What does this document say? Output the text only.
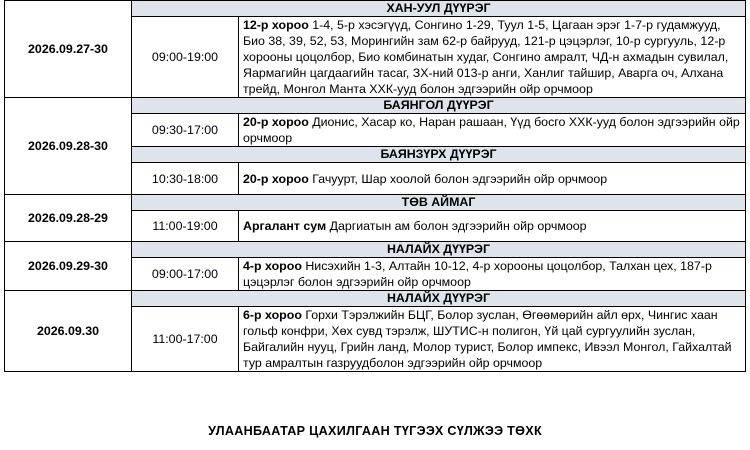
2026.09.27-30	ХАН-УУЛ ДҮҮРЭГ	
	09:00-19:00	12-р хороо 1-4, 5-р хэсэгүүд, Сонгино 1-29, Туул 1-5, Цагаан эрэг 1-7-р гудамжууд, Био 38, 39, 52, 53, Морингийн зам 62-р байрууд, 121-р цэцэрлэг, 10-р сургууль, 12-р хорооны цоцолбор, Био комбинатын худаг, Сонгино амралт, ЧД-н ахмадын сувилал, Яармагийн цагдаагийн тасаг, ЗХ-ний 013-р анги, Ханлиг тайшир, Аварга оч, Алхана трейд, Монгол Манта ХХК-ууд болон эдгээрийн ойр орчмоор
2026.09.28-30	БАЯНГОЛ ДҮҮРЭГ	
	09:30-17:00	20-р хороо Дионис, Хасар ко, Наран рашаан, Үүд босго ХХК-ууд болон эдгээрийн ойр орчмоор
	БАЯНЗҮРХ ДҮҮРЭГ	
	10:30-18:00	20-р хороо Гачуурт, Шар хоолой болон эдгээрийн ойр орчмоор
2026.09.28-29	ТӨВ АЙМАГ	
	11:00-19:00	Аргалант сум Даргиатын ам болон эдгээрийн ойр орчмоор
2026.09.29-30	НАЛАЙХ ДҮҮРЭГ	
	09:00-17:00	4-р хороо Нисэхийн 1-3, Алтайн 10-12, 4-р хорооны цоцолбор, Талхан цех, 187-р цэцэрлэг болон эдгээрийн ойр орчмоор
2026.09.30	НАЛАЙХ ДҮҮРЭГ	
	11:00-17:00	6-р хороо Горхи Тэрэлжийн БЦГ, Болор зуслан, Өгөөмөрийн айл өрх, Чингис хаан гольф конфри, Хөх сувд тэрэлж, ШУТИС-н полигон, Үй цай сургуулийн зуслан, Байгалийн нууц, Грийн ланд, Молор турист, Болор импекс, Ивээл Монгол, Гайхалтай тур амралтын газруудболон эдгээрийн ойр орчмоор
УЛААНБААТАР ЦАХИЛГААН ТҮГЭЭХ СҮЛЖЭЭ ТӨХК
